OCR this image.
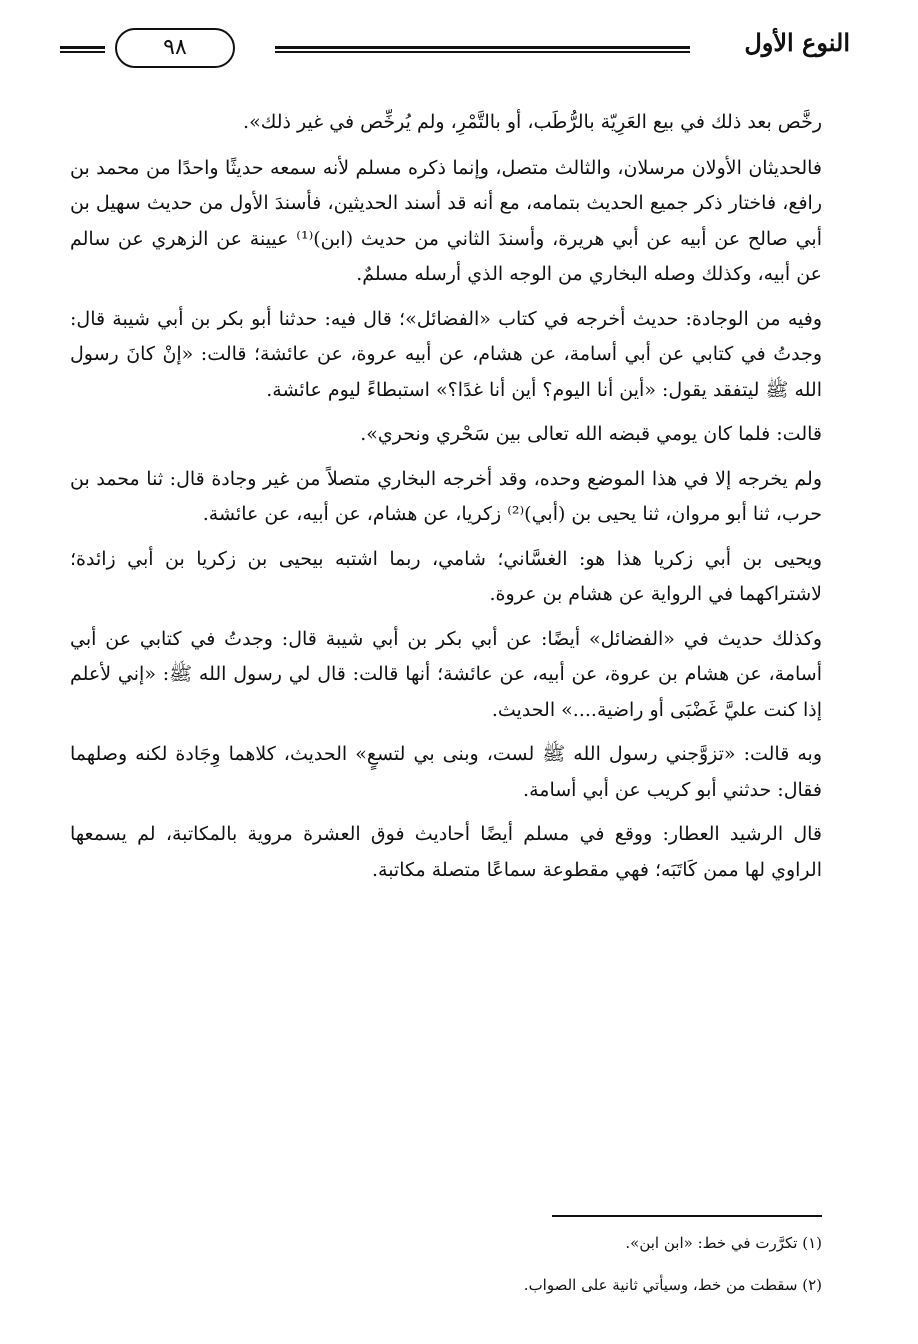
٩٨	النوع الأول

رخَّص بعد ذلك في بيع العَرِيّة بالرُّطَب، أو بالتَّمْرِ، ولم يُرخِّص في غير ذلك».

فالحديثان الأولان مرسلان، والثالث متصل، وإنما ذكره مسلم لأنه سمعه حديثًا واحدًا من محمد بن رافع، فاختار ذكر جميع الحديث بتمامه، مع أنه قد أسند الحديثين، فأسندَ الأول من حديث سهيل بن أبي صالح عن أبيه عن أبي هريرة، وأسندَ الثاني من حديث (ابن)⁽¹⁾ عيينة عن الزهري عن سالم عن أبيه، وكذلك وصله البخاري من الوجه الذي أرسله مسلمٌ.

وفيه من الوجادة: حديث أخرجه في كتاب «الفضائل»؛ قال فيه: حدثنا أبو بكر بن أبي شيبة قال: وجدتُ في كتابي عن أبي أسامة، عن هشام، عن أبيه عروة، عن عائشة؛ قالت: «إنْ كانَ رسول الله ﷺ ليتفقد يقول: «أين أنا اليوم؟ أين أنا غدًا؟» استبطاءً ليوم عائشة.

قالت: فلما كان يومي قبضه الله تعالى بين سَحْري ونحري».

ولم يخرجه إلا في هذا الموضع وحده، وقد أخرجه البخاري متصلاً من غير وجادة قال: ثنا محمد بن حرب، ثنا أبو مروان، ثنا يحيى بن (أبي)⁽²⁾ زكريا، عن هشام، عن أبيه، عن عائشة.

ويحيى بن أبي زكريا هذا هو: الغسَّاني؛ شامي، ربما اشتبه بيحيى بن زكريا بن أبي زائدة؛ لاشتراكهما في الرواية عن هشام بن عروة.

وكذلك حديث في «الفضائل» أيضًا: عن أبي بكر بن أبي شيبة قال: وجدتُ في كتابي عن أبي أسامة، عن هشام بن عروة، عن أبيه، عن عائشة؛ أنها قالت: قال لي رسول الله ﷺ: «إني لأعلم إذا كنت عليَّ غَضْبَى أو راضية....» الحديث.

وبه قالت: «تزوَّجني رسول الله ﷺ لست، وبنى بي لتسعٍ» الحديث، كلاهما وِجَادة لكنه وصلهما فقال: حدثني أبو كريب عن أبي أسامة.

قال الرشيد العطار: ووقع في مسلم أيضًا أحاديث فوق العشرة مروية بالمكاتبة، لم يسمعها الراوي لها ممن كَاتَبَه؛ فهي مقطوعة سماعًا متصلة مكاتبة.

(١) تكرَّرت في خط: «ابن ابن».

(٢) سقطت من خط، وسيأتي ثانية على الصواب.
